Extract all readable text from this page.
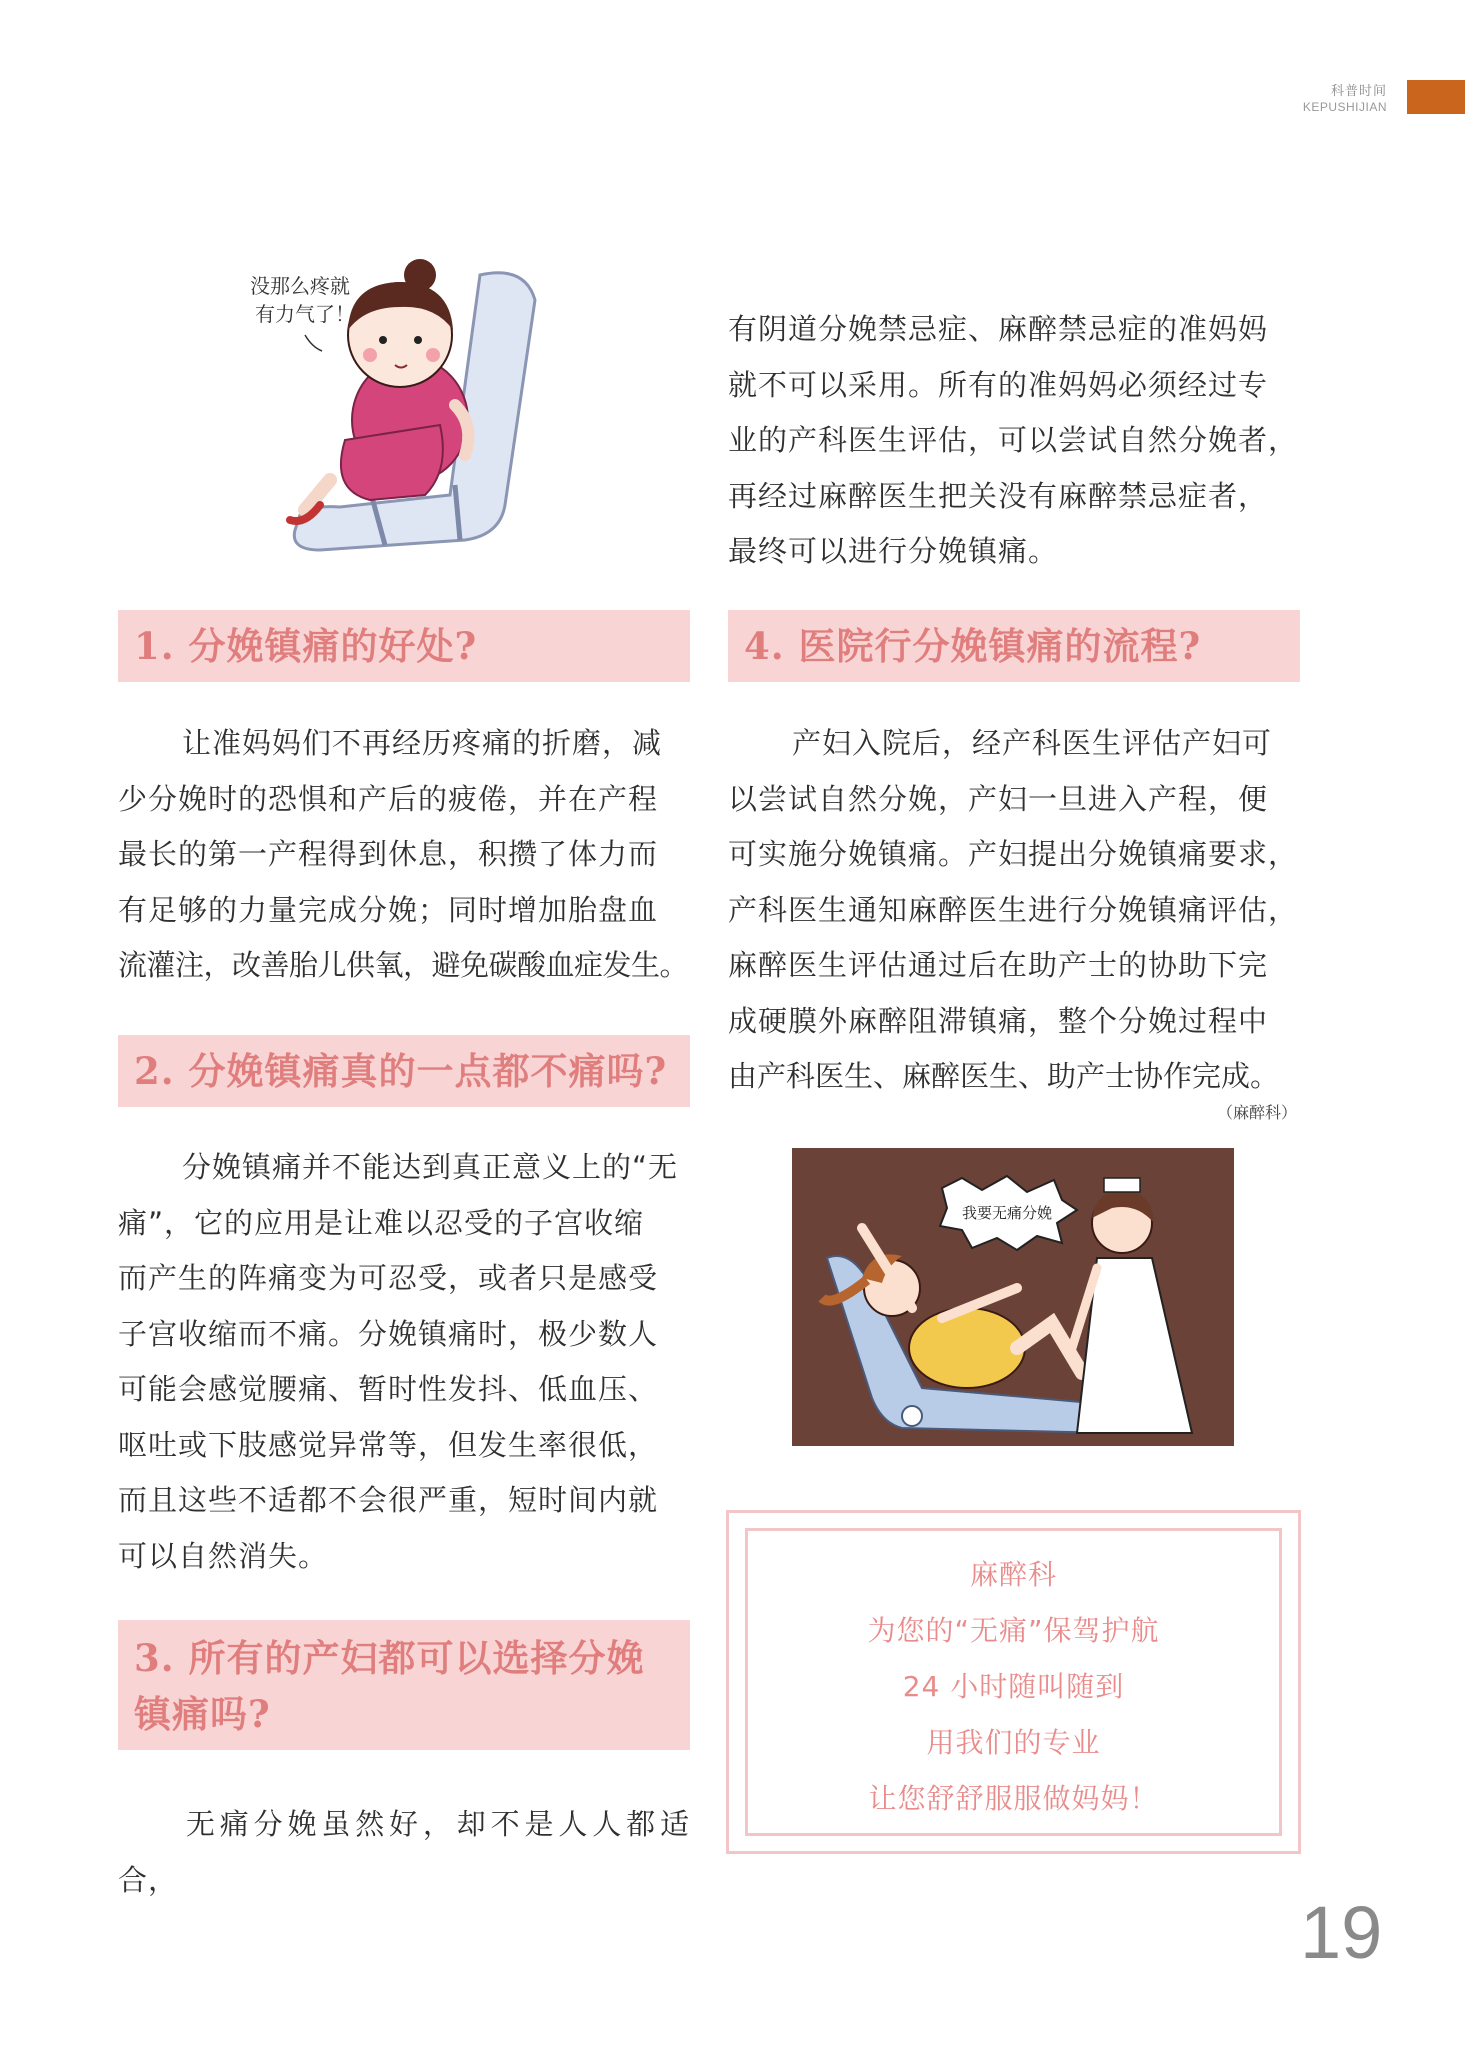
科普时间
KEPUSHIJIAN
没那么疼就
有力气了！
1. 分娩镇痛的好处?
让准妈妈们不再经历疼痛的折磨，减
少分娩时的恐惧和产后的疲倦，并在产程
最长的第一产程得到休息，积攒了体力而
有足够的力量完成分娩；同时增加胎盘血
流灌注，改善胎儿供氧，避免碳酸血症发生。
2. 分娩镇痛真的一点都不痛吗?
分娩镇痛并不能达到真正意义上的“无
痛”，它的应用是让难以忍受的子宫收缩
而产生的阵痛变为可忍受，或者只是感受
子宫收缩而不痛。分娩镇痛时，极少数人
可能会感觉腰痛、暂时性发抖、低血压、
呕吐或下肢感觉异常等，但发生率很低，
而且这些不适都不会很严重，短时间内就
可以自然消失。
3. 所有的产妇都可以选择分娩
镇痛吗?
无痛分娩虽然好，却不是人人都适合，
有阴道分娩禁忌症、麻醉禁忌症的准妈妈
就不可以采用。所有的准妈妈必须经过专
业的产科医生评估，可以尝试自然分娩者，
再经过麻醉医生把关没有麻醉禁忌症者，
最终可以进行分娩镇痛。
4. 医院行分娩镇痛的流程?
产妇入院后，经产科医生评估产妇可
以尝试自然分娩，产妇一旦进入产程，便
可实施分娩镇痛。产妇提出分娩镇痛要求，
产科医生通知麻醉医生进行分娩镇痛评估，
麻醉医生评估通过后在助产士的协助下完
成硬膜外麻醉阻滞镇痛，整个分娩过程中
由产科医生、麻醉医生、助产士协作完成。
（麻醉科）
我要无痛分娩
麻醉科
为您的“无痛”保驾护航
24 小时随叫随到
用我们的专业
让您舒舒服服做妈妈！
19
